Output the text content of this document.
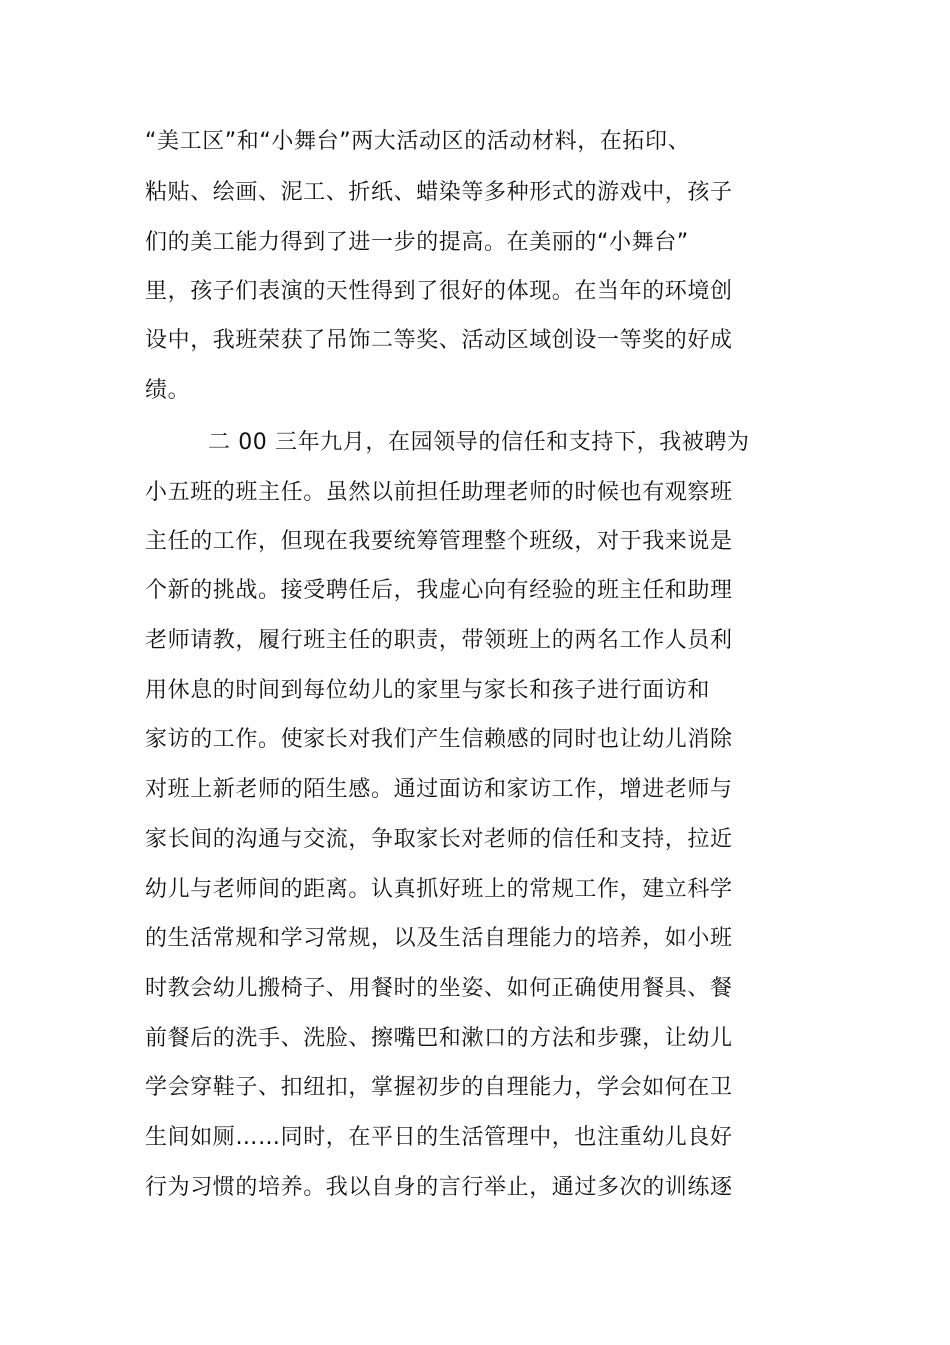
“美工区”和“小舞台”两大活动区的活动材料，在拓印、
粘贴、绘画、泥工、折纸、蜡染等多种形式的游戏中，孩子
们的美工能力得到了进一步的提高。在美丽的“小舞台”
里，孩子们表演的天性得到了很好的体现。在当年的环境创
设中，我班荣获了吊饰二等奖、活动区域创设一等奖的好成
绩。
二 00 三年九月，在园领导的信任和支持下，我被聘为
小五班的班主任。虽然以前担任助理老师的时候也有观察班
主任的工作，但现在我要统筹管理整个班级，对于我来说是
个新的挑战。接受聘任后，我虚心向有经验的班主任和助理
老师请教，履行班主任的职责，带领班上的两名工作人员利
用休息的时间到每位幼儿的家里与家长和孩子进行面访和
家访的工作。使家长对我们产生信赖感的同时也让幼儿消除
对班上新老师的陌生感。通过面访和家访工作，增进老师与
家长间的沟通与交流，争取家长对老师的信任和支持，拉近
幼儿与老师间的距离。认真抓好班上的常规工作，建立科学
的生活常规和学习常规，以及生活自理能力的培养，如小班
时教会幼儿搬椅子、用餐时的坐姿、如何正确使用餐具、餐
前餐后的洗手、洗脸、擦嘴巴和漱口的方法和步骤，让幼儿
学会穿鞋子、扣纽扣，掌握初步的自理能力，学会如何在卫
生间如厕……同时，在平日的生活管理中，也注重幼儿良好
行为习惯的培养。我以自身的言行举止，通过多次的训练逐
